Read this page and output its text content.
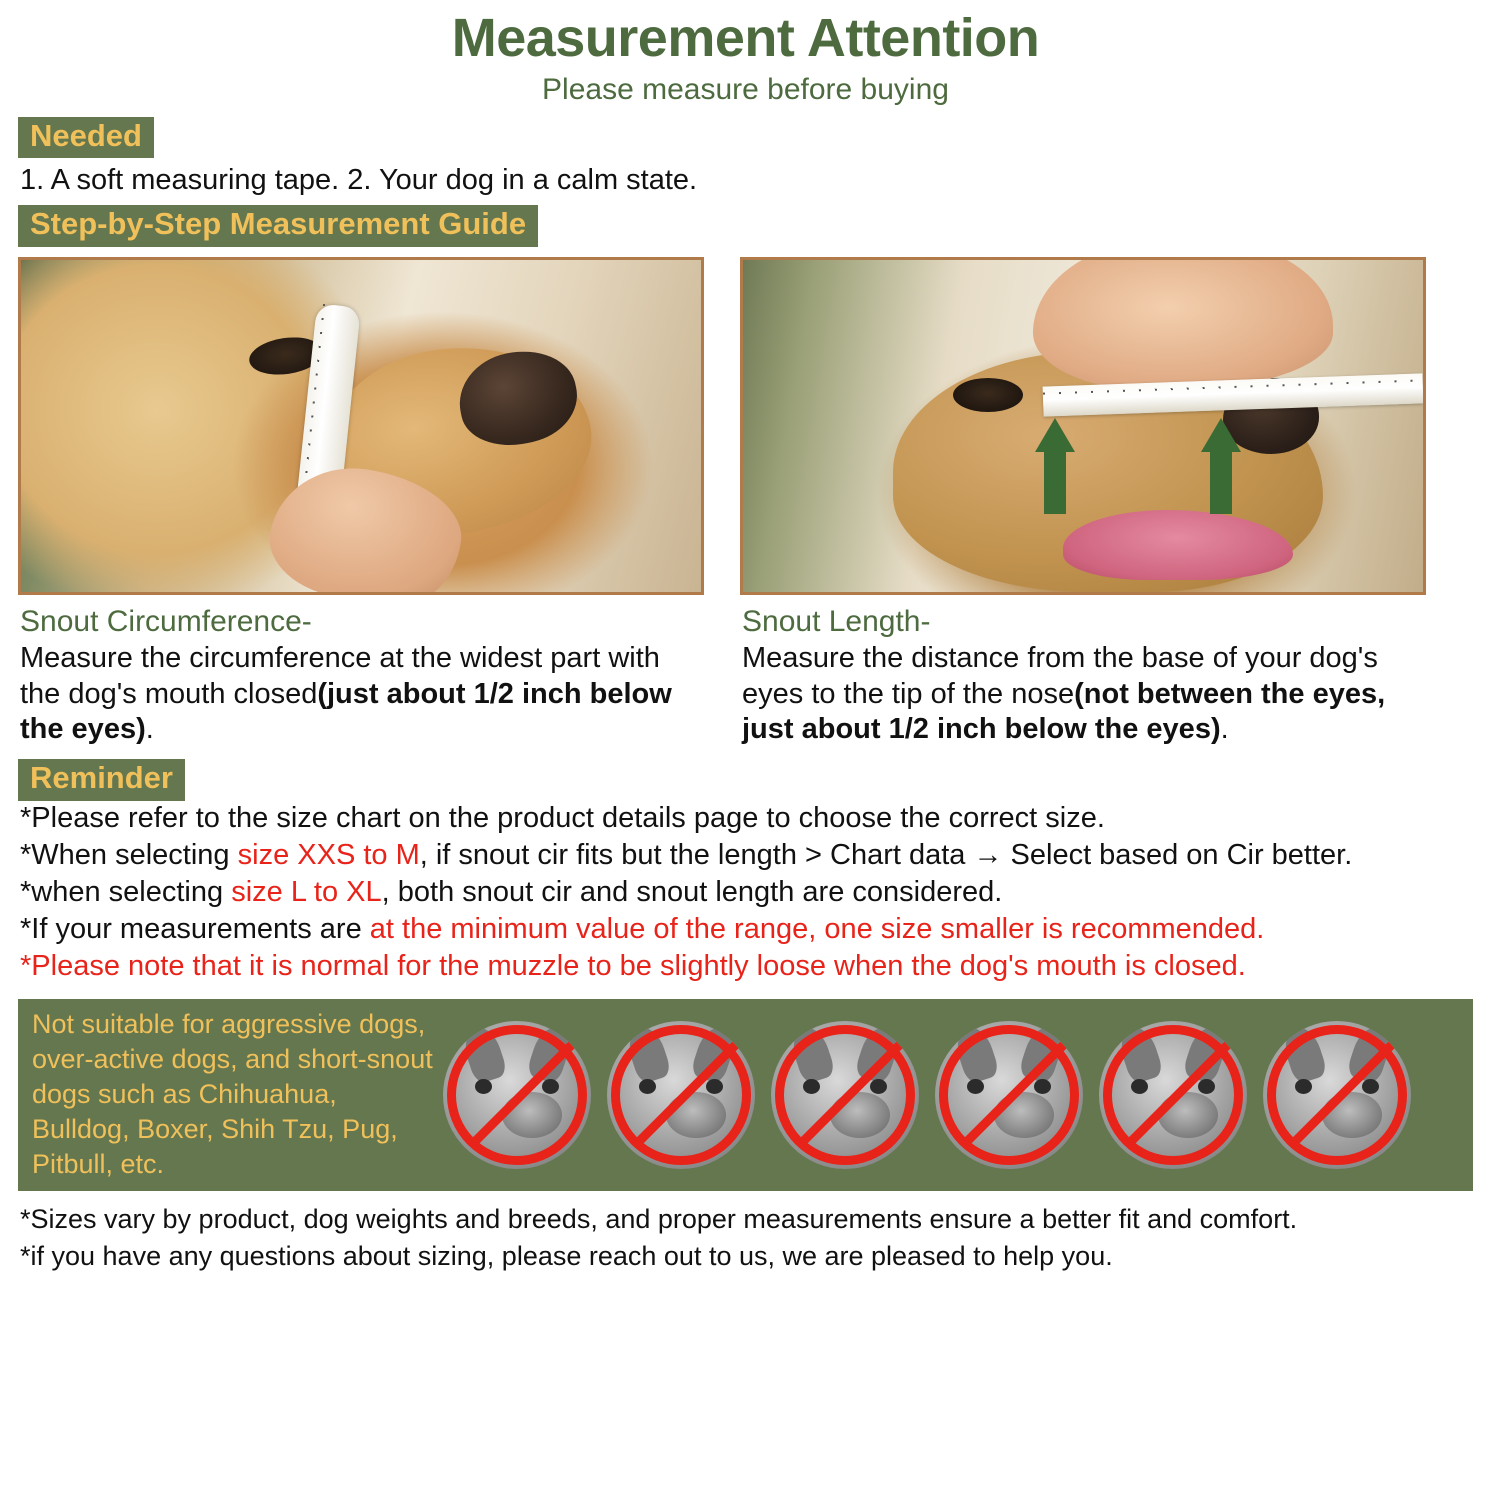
Measurement Attention
Please measure before buying
Needed
1. A soft measuring tape. 2. Your dog in a calm state.
Step-by-Step Measurement Guide
Snout Circumference-
Measure the circumference at the widest part with the dog's mouth closed(just about 1/2 inch below the eyes).
Snout Length-
Measure the distance from the base of your dog's eyes to the tip of the nose(not between the eyes, just about 1/2 inch below the eyes).
Reminder
*Please refer to the size chart on the product details page to choose the correct size.
*When selecting size XXS to M, if snout cir fits but the length > Chart data → Select based on Cir better.
*when selecting size L to XL, both snout cir and snout length are considered.
*If your measurements are at the minimum value of the range, one size smaller is recommended.
*Please note that it is normal for the muzzle to be slightly loose when the dog's mouth is closed.
Not suitable for aggressive dogs, over-active dogs, and short-snout dogs such as Chihuahua, Bulldog, Boxer, Shih Tzu, Pug, Pitbull, etc.

*Sizes vary by product, dog weights and breeds, and proper measurements ensure a better fit and comfort.

*if you have any questions about sizing, please reach out to us, we are pleased to help you.
